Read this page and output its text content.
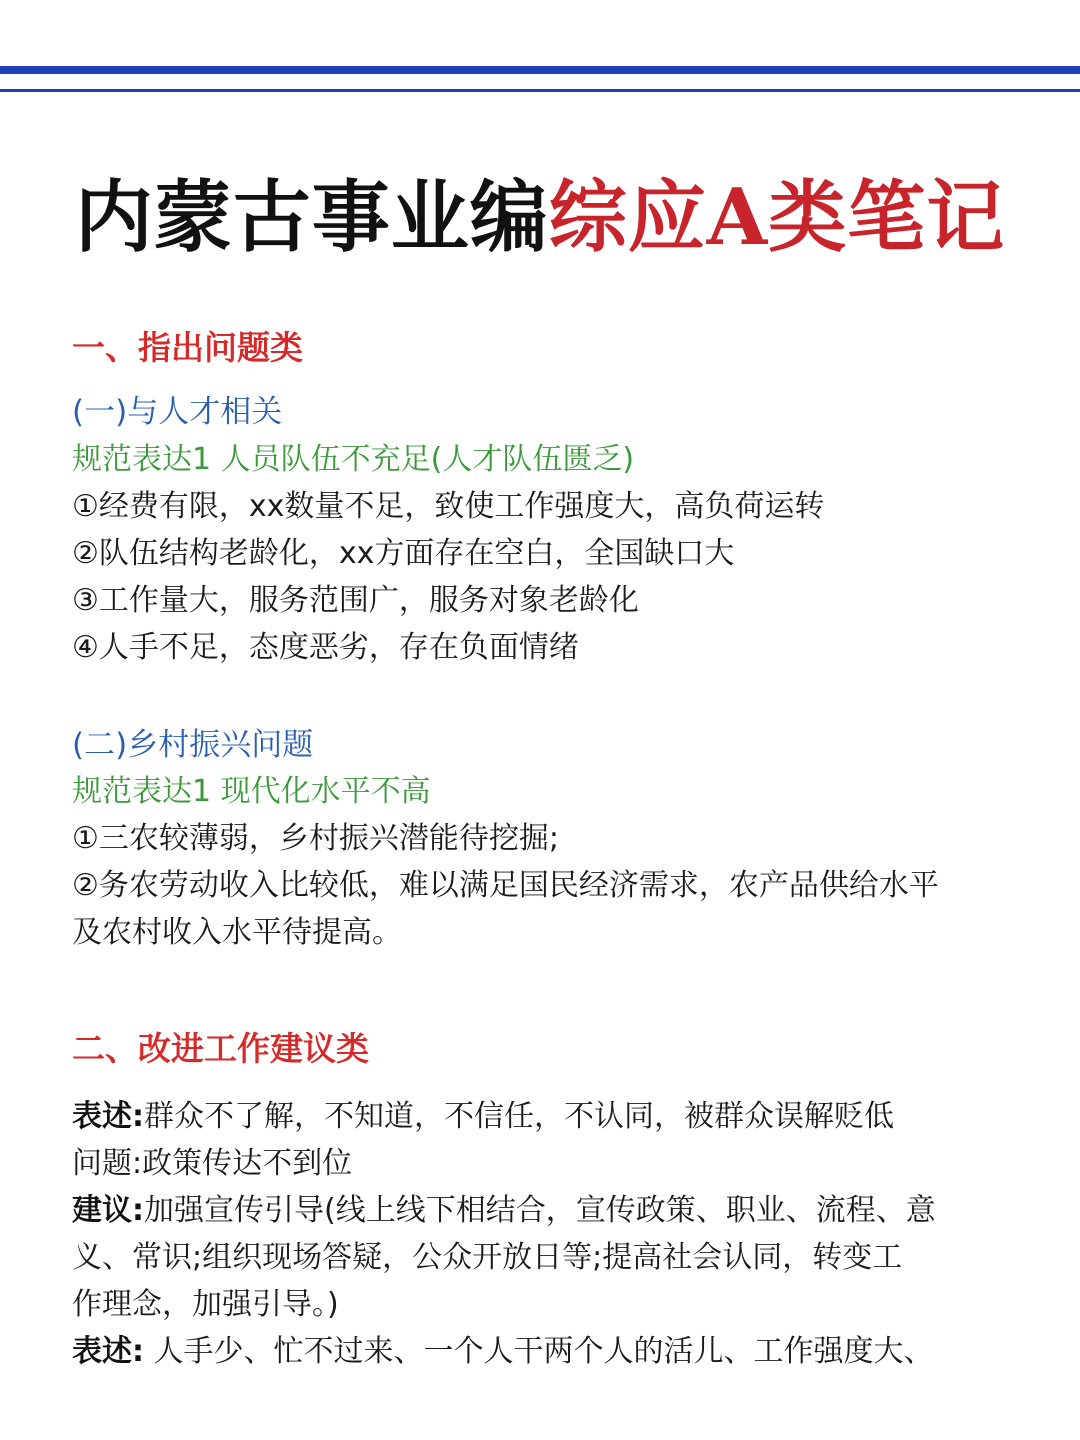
内蒙古事业编综应A类笔记
一、指出问题类
(一)与人才相关
规范表达1 人员队伍不充足(人才队伍匮乏)
①经费有限，xx数量不足，致使工作强度大，高负荷运转
②队伍结构老龄化，xx方面存在空白，全国缺口大
③工作量大，服务范围广，服务对象老龄化
④人手不足，态度恶劣，存在负面情绪
(二)乡村振兴问题
规范表达1 现代化水平不高
①三农较薄弱，乡村振兴潜能待挖掘;
②务农劳动收入比较低，难以满足国民经济需求，农产品供给水平
及农村收入水平待提高。
二、改进工作建议类
表述:群众不了解，不知道，不信任，不认同，被群众误解贬低
问题:政策传达不到位
建议:加强宣传引导(线上线下相结合，宣传政策、职业、流程、意
义、常识;组织现场答疑，公众开放日等;提高社会认同，转变工
作理念，加强引导。)
表述: 人手少、忙不过来、一个人干两个人的活儿、工作强度大、
